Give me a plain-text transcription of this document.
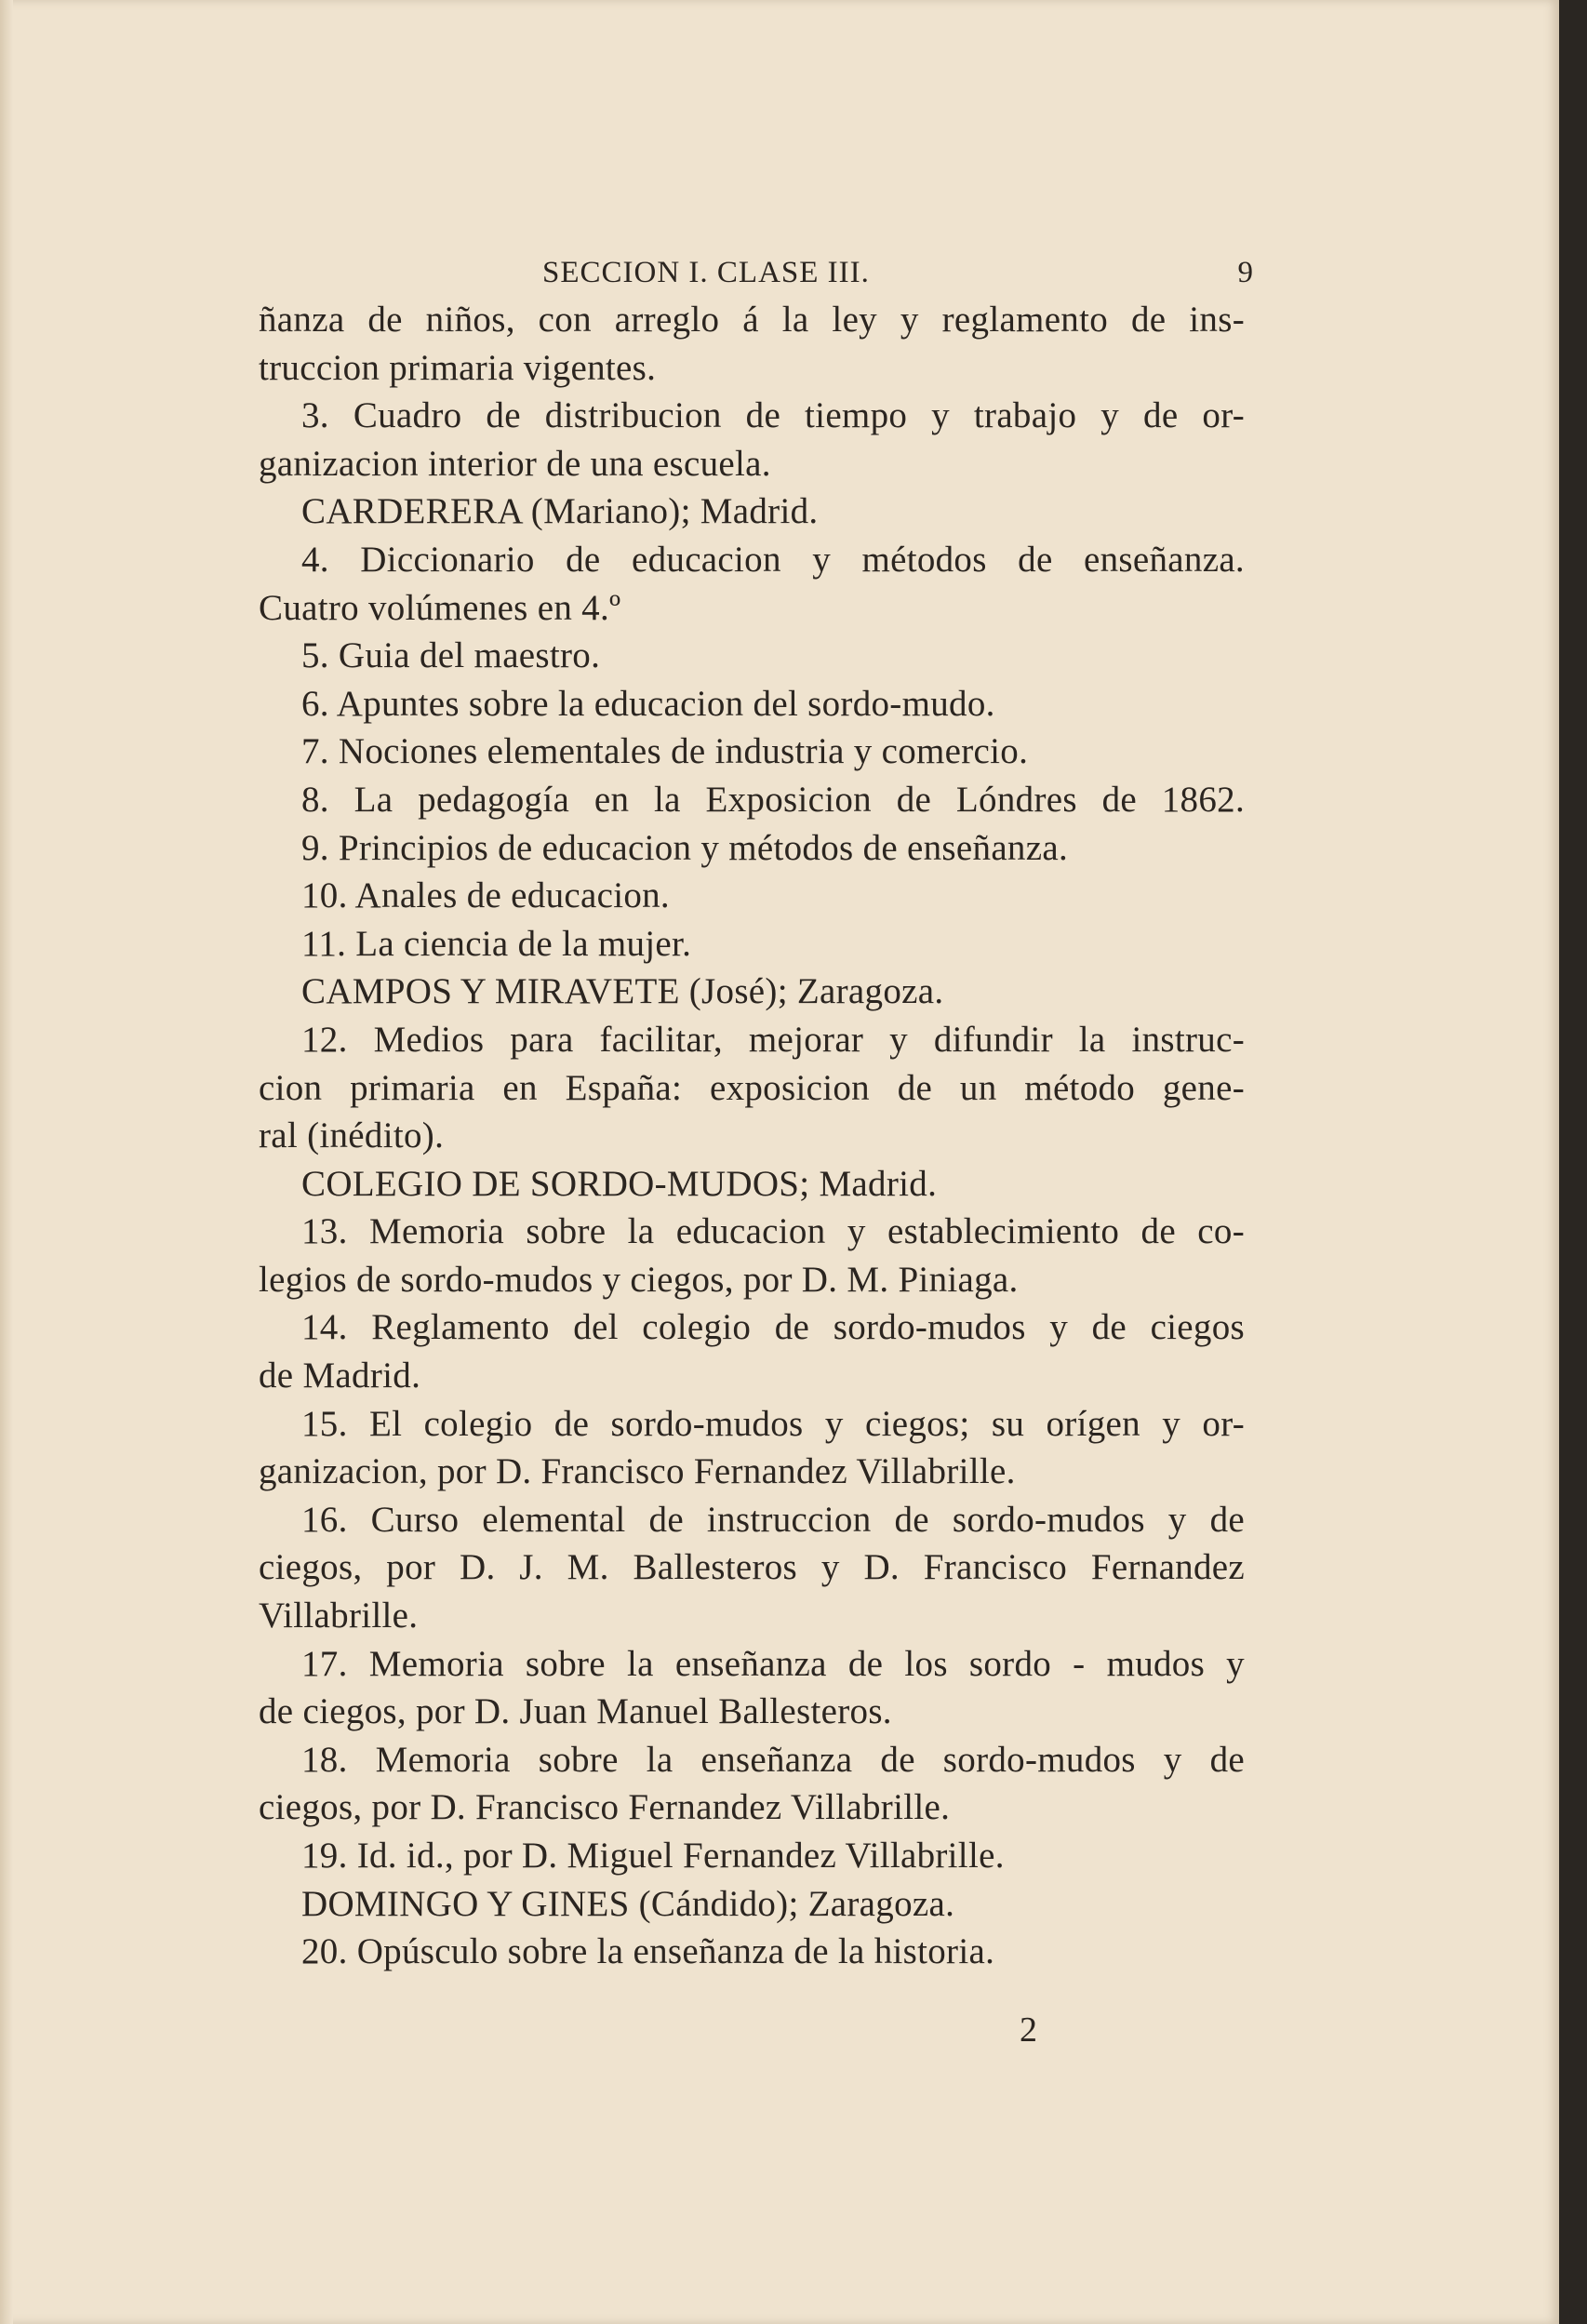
SECCION I. CLASE III.	9
ñanza de niños, con arreglo á la ley y reglamento de ins-
truccion primaria vigentes.
3. Cuadro de distribucion de tiempo y trabajo y de or-
ganizacion interior de una escuela.
CARDERERA (Mariano); Madrid.
4. Diccionario de educacion y métodos de enseñanza.
Cuatro volúmenes en 4.º
5. Guia del maestro.
6. Apuntes sobre la educacion del sordo-mudo.
7. Nociones elementales de industria y comercio.
8. La pedagogía en la Exposicion de Lóndres de 1862.
9. Principios de educacion y métodos de enseñanza.
10. Anales de educacion.
11. La ciencia de la mujer.
CAMPOS Y MIRAVETE (José); Zaragoza.
12. Medios para facilitar, mejorar y difundir la instruc-
cion primaria en España: exposicion de un método gene-
ral (inédito).
COLEGIO DE SORDO-MUDOS; Madrid.
13. Memoria sobre la educacion y establecimiento de co-
legios de sordo-mudos y ciegos, por D. M. Piniaga.
14. Reglamento del colegio de sordo-mudos y de ciegos
de Madrid.
15. El colegio de sordo-mudos y ciegos; su orígen y or-
ganizacion, por D. Francisco Fernandez Villabrille.
16. Curso elemental de instruccion de sordo-mudos y de
ciegos, por D. J. M. Ballesteros y D. Francisco Fernandez
Villabrille.
17. Memoria sobre la enseñanza de los sordo - mudos y
de ciegos, por D. Juan Manuel Ballesteros.
18. Memoria sobre la enseñanza de sordo-mudos y de
ciegos, por D. Francisco Fernandez Villabrille.
19. Id. id., por D. Miguel Fernandez Villabrille.
DOMINGO Y GINES (Cándido); Zaragoza.
20. Opúsculo sobre la enseñanza de la historia.
2
